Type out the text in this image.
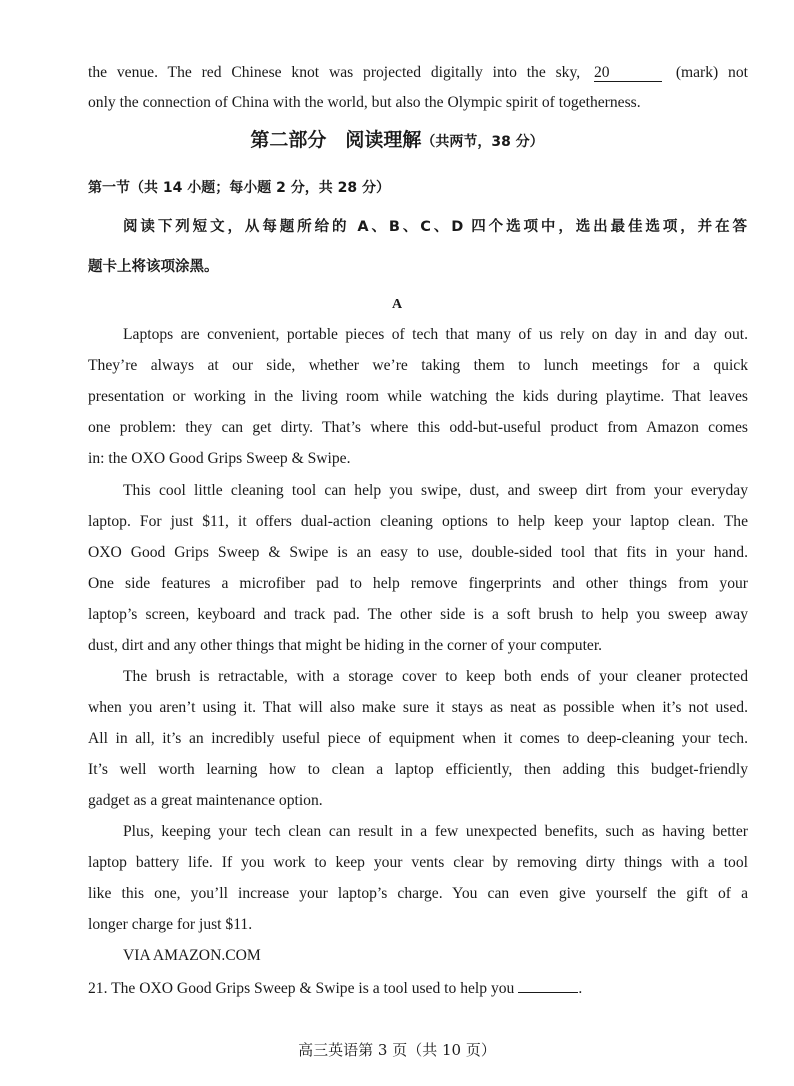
the venue. The red Chinese knot was projected digitally into the sky, 20	(mark) not
only the connection of China with the world, but also the Olympic spirit of togetherness.
第二部分　阅读理解（共两节，38 分）
第一节（共 14 小题；每小题 2 分，共 28 分）
阅读下列短文，从每题所给的 A、B、C、D 四个选项中，选出最佳选项，并在答
题卡上将该项涂黑。
A
Laptops are convenient, portable pieces of tech that many of us rely on day in and day out.
They’re always at our side, whether we’re taking them to lunch meetings for a quick
presentation or working in the living room while watching the kids during playtime. That leaves
one problem: they can get dirty. That’s where this odd-but-useful product from Amazon comes
in: the OXO Good Grips Sweep & Swipe.
This cool little cleaning tool can help you swipe, dust, and sweep dirt from your everyday
laptop. For just $11, it offers dual-action cleaning options to help keep your laptop clean. The
OXO Good Grips Sweep & Swipe is an easy to use, double-sided tool that fits in your hand.
One side features a microfiber pad to help remove fingerprints and other things from your
laptop’s screen, keyboard and track pad. The other side is a soft brush to help you sweep away
dust, dirt and any other things that might be hiding in the corner of your computer.
The brush is retractable, with a storage cover to keep both ends of your cleaner protected
when you aren’t using it. That will also make sure it stays as neat as possible when it’s not used.
All in all, it’s an incredibly useful piece of equipment when it comes to deep-cleaning your tech.
It’s well worth learning how to clean a laptop efficiently, then adding this budget-friendly
gadget as a great maintenance option.
Plus, keeping your tech clean can result in a few unexpected benefits, such as having better
laptop battery life. If you work to keep your vents clear by removing dirty things with a tool
like this one, you’ll increase your laptop’s charge. You can even give yourself the gift of a
longer charge for just $11.
VIA AMAZON.COM
21. The OXO Good Grips Sweep & Swipe is a tool used to help you	.
高三英语第 3 页（共 10 页）
